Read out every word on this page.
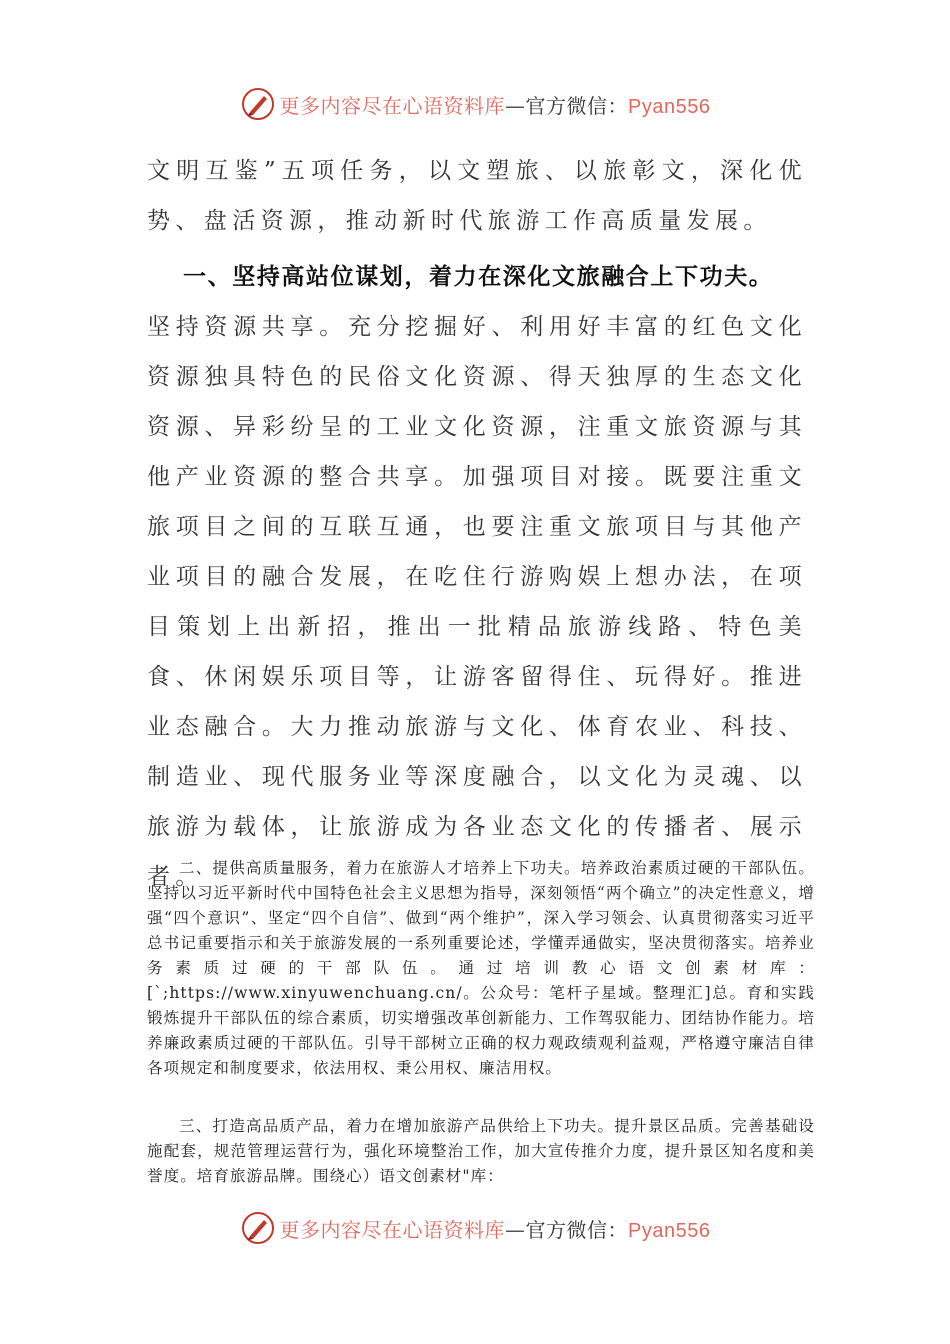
更多内容尽在心语资料库—官方微信：Pyan556
文明互鉴”五项任务，以文塑旅、以旅彰文，深化优势、盘活资源，推动新时代旅游工作高质量发展。
一、坚持高站位谋划，着力在深化文旅融合上下功夫。
坚持资源共享。充分挖掘好、利用好丰富的红色文化资源独具特色的民俗文化资源、得天独厚的生态文化资源、异彩纷呈的工业文化资源，注重文旅资源与其他产业资源的整合共享。加强项目对接。既要注重文旅项目之间的互联互通，也要注重文旅项目与其他产业项目的融合发展，在吃住行游购娱上想办法，在项目策划上出新招，推出一批精品旅游线路、特色美食、休闲娱乐项目等，让游客留得住、玩得好。推进业态融合。大力推动旅游与文化、体育农业、科技、制造业、现代服务业等深度融合，以文化为灵魂、以旅游为载体，让旅游成为各业态文化的传播者、展示者。
二、提供高质量服务，着力在旅游人才培养上下功夫。培养政治素质过硬的干部队伍。坚持以习近平新时代中国特色社会主义思想为指导，深刻领悟“两个确立”的决定性意义，增强“四个意识”、坚定“四个自信”、做到“两个维护”，深入学习领会、认真贯彻落实习近平总书记重要指示和关于旅游发展的一系列重要论述，学懂弄通做实，坚决贯彻落实。培养业务素质过硬的干部队伍。通过培训教心语文创素材库：[`;https://www.xinyuwenchuang.cn/。公众号：笔杆子星域。整理汇]总。育和实践锻炼提升干部队伍的综合素质，切实增强改革创新能力、工作驾驭能力、团结协作能力。培养廉政素质过硬的干部队伍。引导干部树立正确的权力观政绩观利益观，严格遵守廉洁自律各项规定和制度要求，依法用权、秉公用权、廉洁用权。
三、打造高品质产品，着力在增加旅游产品供给上下功夫。提升景区品质。完善基础设施配套，规范管理运营行为，强化环境整治工作，加大宣传推介力度，提升景区知名度和美誉度。培育旅游品牌。围绕心）语文创素材"库：
更多内容尽在心语资料库—官方微信：Pyan556
